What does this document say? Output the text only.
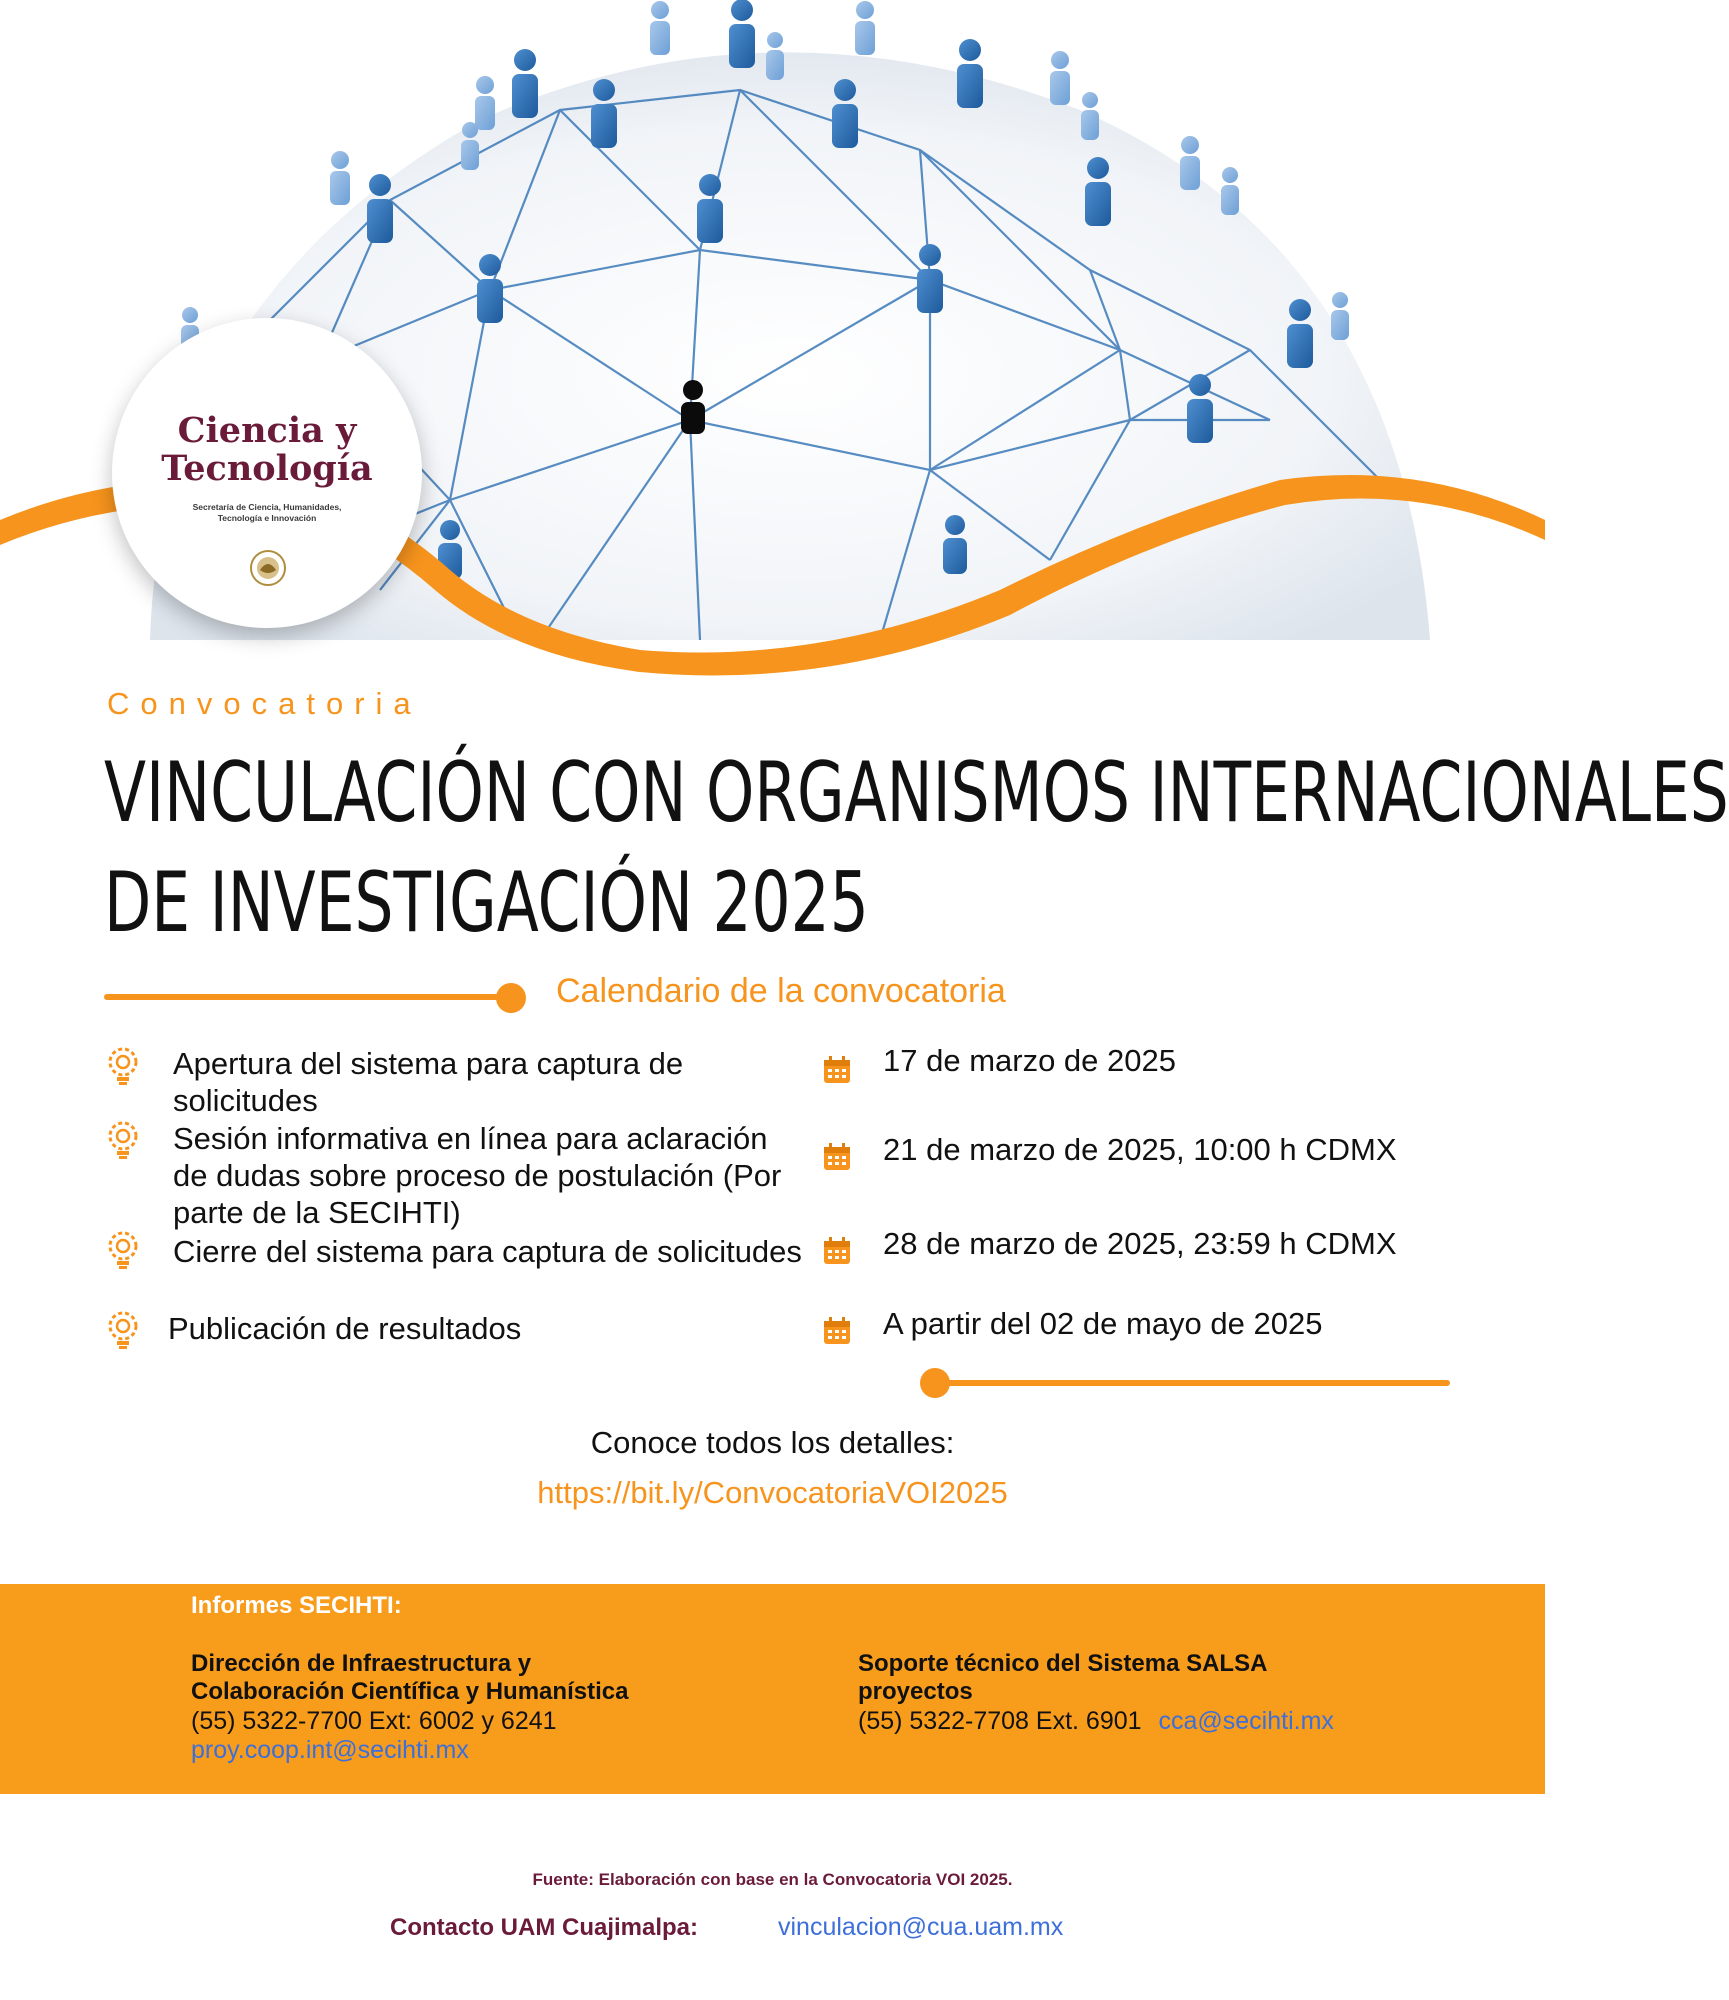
Ciencia y
Tecnología
Secretaría de Ciencia, Humanidades,
Tecnología e Innovación
Convocatoria
VINCULACIÓN CON ORGANISMOS INTERNACIONALES
DE INVESTIGACIÓN 2025
Calendario de la convocatoria
Apertura del sistema para captura de solicitudes
Sesión informativa en línea para aclaración de dudas sobre proceso de postulación (Por parte de la SECIHTI)
Cierre del sistema para captura de solicitudes
Publicación de resultados
17 de marzo de 2025
21 de marzo de 2025, 10:00 h CDMX
28 de marzo de 2025, 23:59 h CDMX
A partir del 02 de mayo de 2025
Conoce todos los detalles:
https://bit.ly/ConvocatoriaVOI2025
Informes SECIHTI:
Dirección de Infraestructura y
Colaboración Científica y Humanística
(55) 5322-7700 Ext: 6002 y 6241
proy.coop.int@secihti.mx
Soporte técnico del Sistema SALSA
proyectos
(55) 5322-7708 Ext. 6901 cca@secihti.mx
Fuente: Elaboración con base en la Convocatoria VOI 2025.
Contacto UAM Cuajimalpa:	vinculacion@cua.uam.mx
